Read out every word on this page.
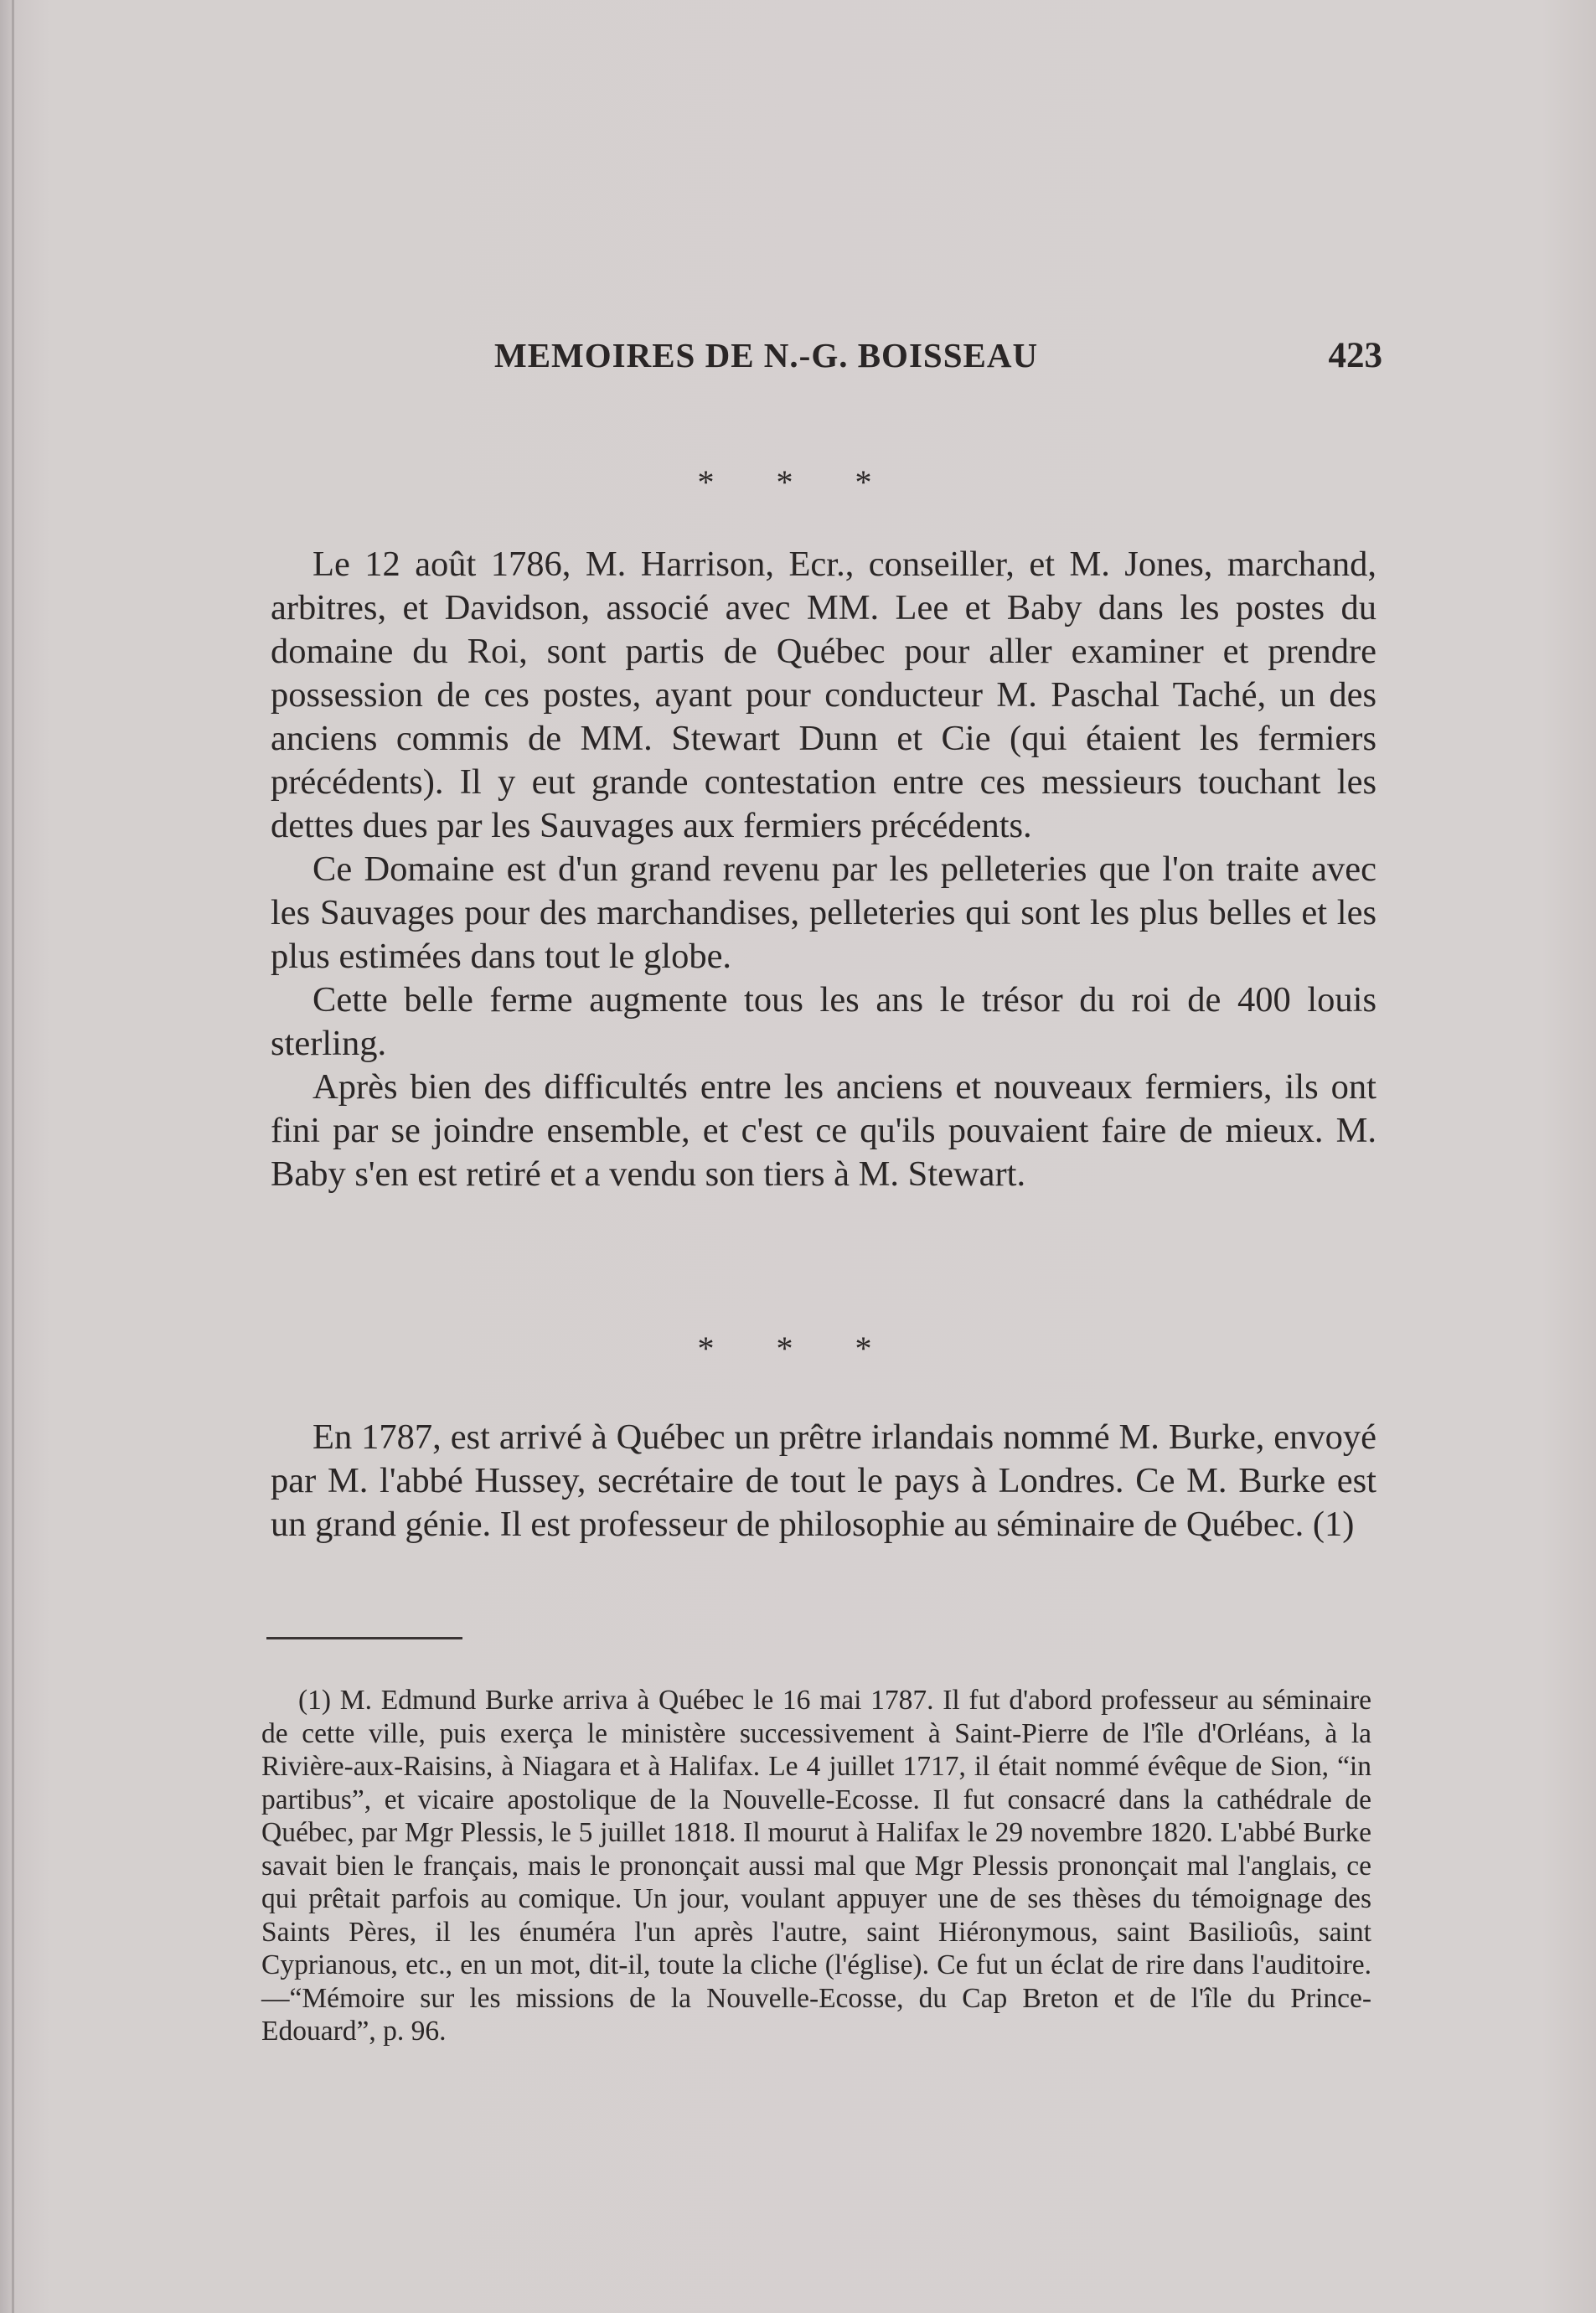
MEMOIRES DE N.-G. BOISSEAU	423
* * *

Le 12 août 1786, M. Harrison, Ecr., conseiller, et M. Jones, marchand, arbitres, et Davidson, associé avec MM. Lee et Baby dans les postes du domaine du Roi, sont partis de Québec pour aller examiner et prendre possession de ces postes, ayant pour conducteur M. Paschal Taché, un des anciens commis de MM. Stewart Dunn et Cie (qui étaient les fermiers précédents). Il y eut grande contestation entre ces messieurs touchant les dettes dues par les Sauvages aux fermiers précédents.

Ce Domaine est d'un grand revenu par les pelleteries que l'on traite avec les Sauvages pour des marchandises, pelleteries qui sont les plus belles et les plus estimées dans tout le globe.

Cette belle ferme augmente tous les ans le trésor du roi de 400 louis sterling.

Après bien des difficultés entre les anciens et nouveaux fermiers, ils ont fini par se joindre ensemble, et c'est ce qu'ils pouvaient faire de mieux. M. Baby s'en est retiré et a vendu son tiers à M. Stewart.

* * *

En 1787, est arrivé à Québec un prêtre irlandais nommé M. Burke, envoyé par M. l'abbé Hussey, secrétaire de tout le pays à Londres. Ce M. Burke est un grand génie. Il est professeur de philosophie au séminaire de Québec. (1)

(1) M. Edmund Burke arriva à Québec le 16 mai 1787. Il fut d'abord professeur au séminaire de cette ville, puis exerça le ministère successivement à Saint-Pierre de l'île d'Orléans, à la Rivière-aux-Raisins, à Niagara et à Halifax. Le 4 juillet 1717, il était nommé évêque de Sion, “in partibus”, et vicaire apostolique de la Nouvelle-Ecosse. Il fut consacré dans la cathédrale de Québec, par Mgr Plessis, le 5 juillet 1818. Il mourut à Halifax le 29 novembre 1820. L'abbé Burke savait bien le français, mais le prononçait aussi mal que Mgr Plessis prononçait mal l'anglais, ce qui prêtait parfois au comique. Un jour, voulant appuyer une de ses thèses du témoignage des Saints Pères, il les énuméra l'un après l'autre, saint Hiéronymous, saint Basilioûs, saint Cyprianous, etc., en un mot, dit-il, toute la cliche (l'église). Ce fut un éclat de rire dans l'auditoire.—“Mémoire sur les missions de la Nouvelle-Ecosse, du Cap Breton et de l'île du Prince-Edouard”, p. 96.
